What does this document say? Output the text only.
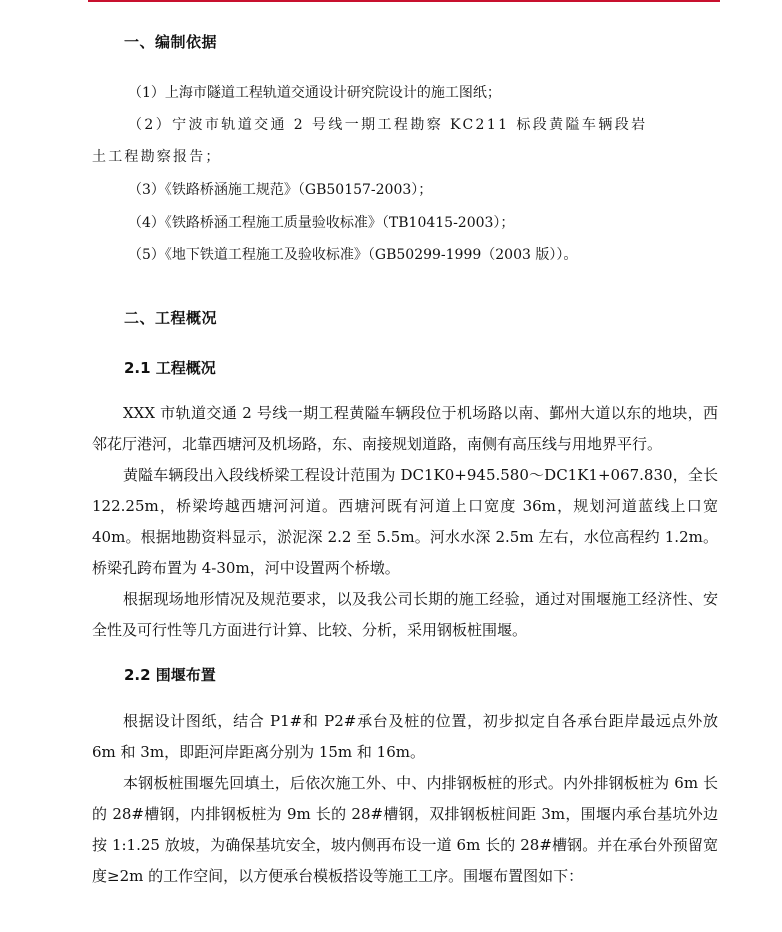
一、编制依据
（1）上海市隧道工程轨道交通设计研究院设计的施工图纸；
（2）宁波市轨道交通 2 号线一期工程勘察 KC211 标段黄隘车辆段岩
土工程勘察报告；
（3）《铁路桥涵施工规范》（GB50157-2003）；
（4）《铁路桥涵工程施工质量验收标准》（TB10415-2003）；
（5）《地下铁道工程施工及验收标准》（GB50299-1999（2003 版））。
二、工程概况
2.1 工程概况

XXX 市轨道交通 2 号线一期工程黄隘车辆段位于机场路以南、鄞州大道以东的地块，西邻花厅港河，北靠西塘河及机场路，东、南接规划道路，南侧有高压线与用地界平行。

黄隘车辆段出入段线桥梁工程设计范围为 DC1K0+945.580～DC1K1+067.830，全长 122.25m，桥梁垮越西塘河河道。西塘河既有河道上口宽度 36m，规划河道蓝线上口宽 40m。根据地勘资料显示，淤泥深 2.2 至 5.5m。河水水深 2.5m 左右，水位高程约 1.2m。桥梁孔跨布置为 4-30m，河中设置两个桥墩。

根据现场地形情况及规范要求，以及我公司长期的施工经验，通过对围堰施工经济性、安全性及可行性等几方面进行计算、比较、分析，采用钢板桩围堰。

2.2 围堰布置

根据设计图纸，结合 P1#和 P2#承台及桩的位置，初步拟定自各承台距岸最远点外放 6m 和 3m，即距河岸距离分别为 15m 和 16m。

本钢板桩围堰先回填土，后依次施工外、中、内排钢板桩的形式。内外排钢板桩为 6m 长的 28#槽钢，内排钢板桩为 9m 长的 28#槽钢，双排钢板桩间距 3m，围堰内承台基坑外边按 1:1.25 放坡，为确保基坑安全，坡内侧再布设一道 6m 长的 28#槽钢。并在承台外预留宽度≥2m 的工作空间，以方便承台模板搭设等施工工序。围堰布置图如下：
